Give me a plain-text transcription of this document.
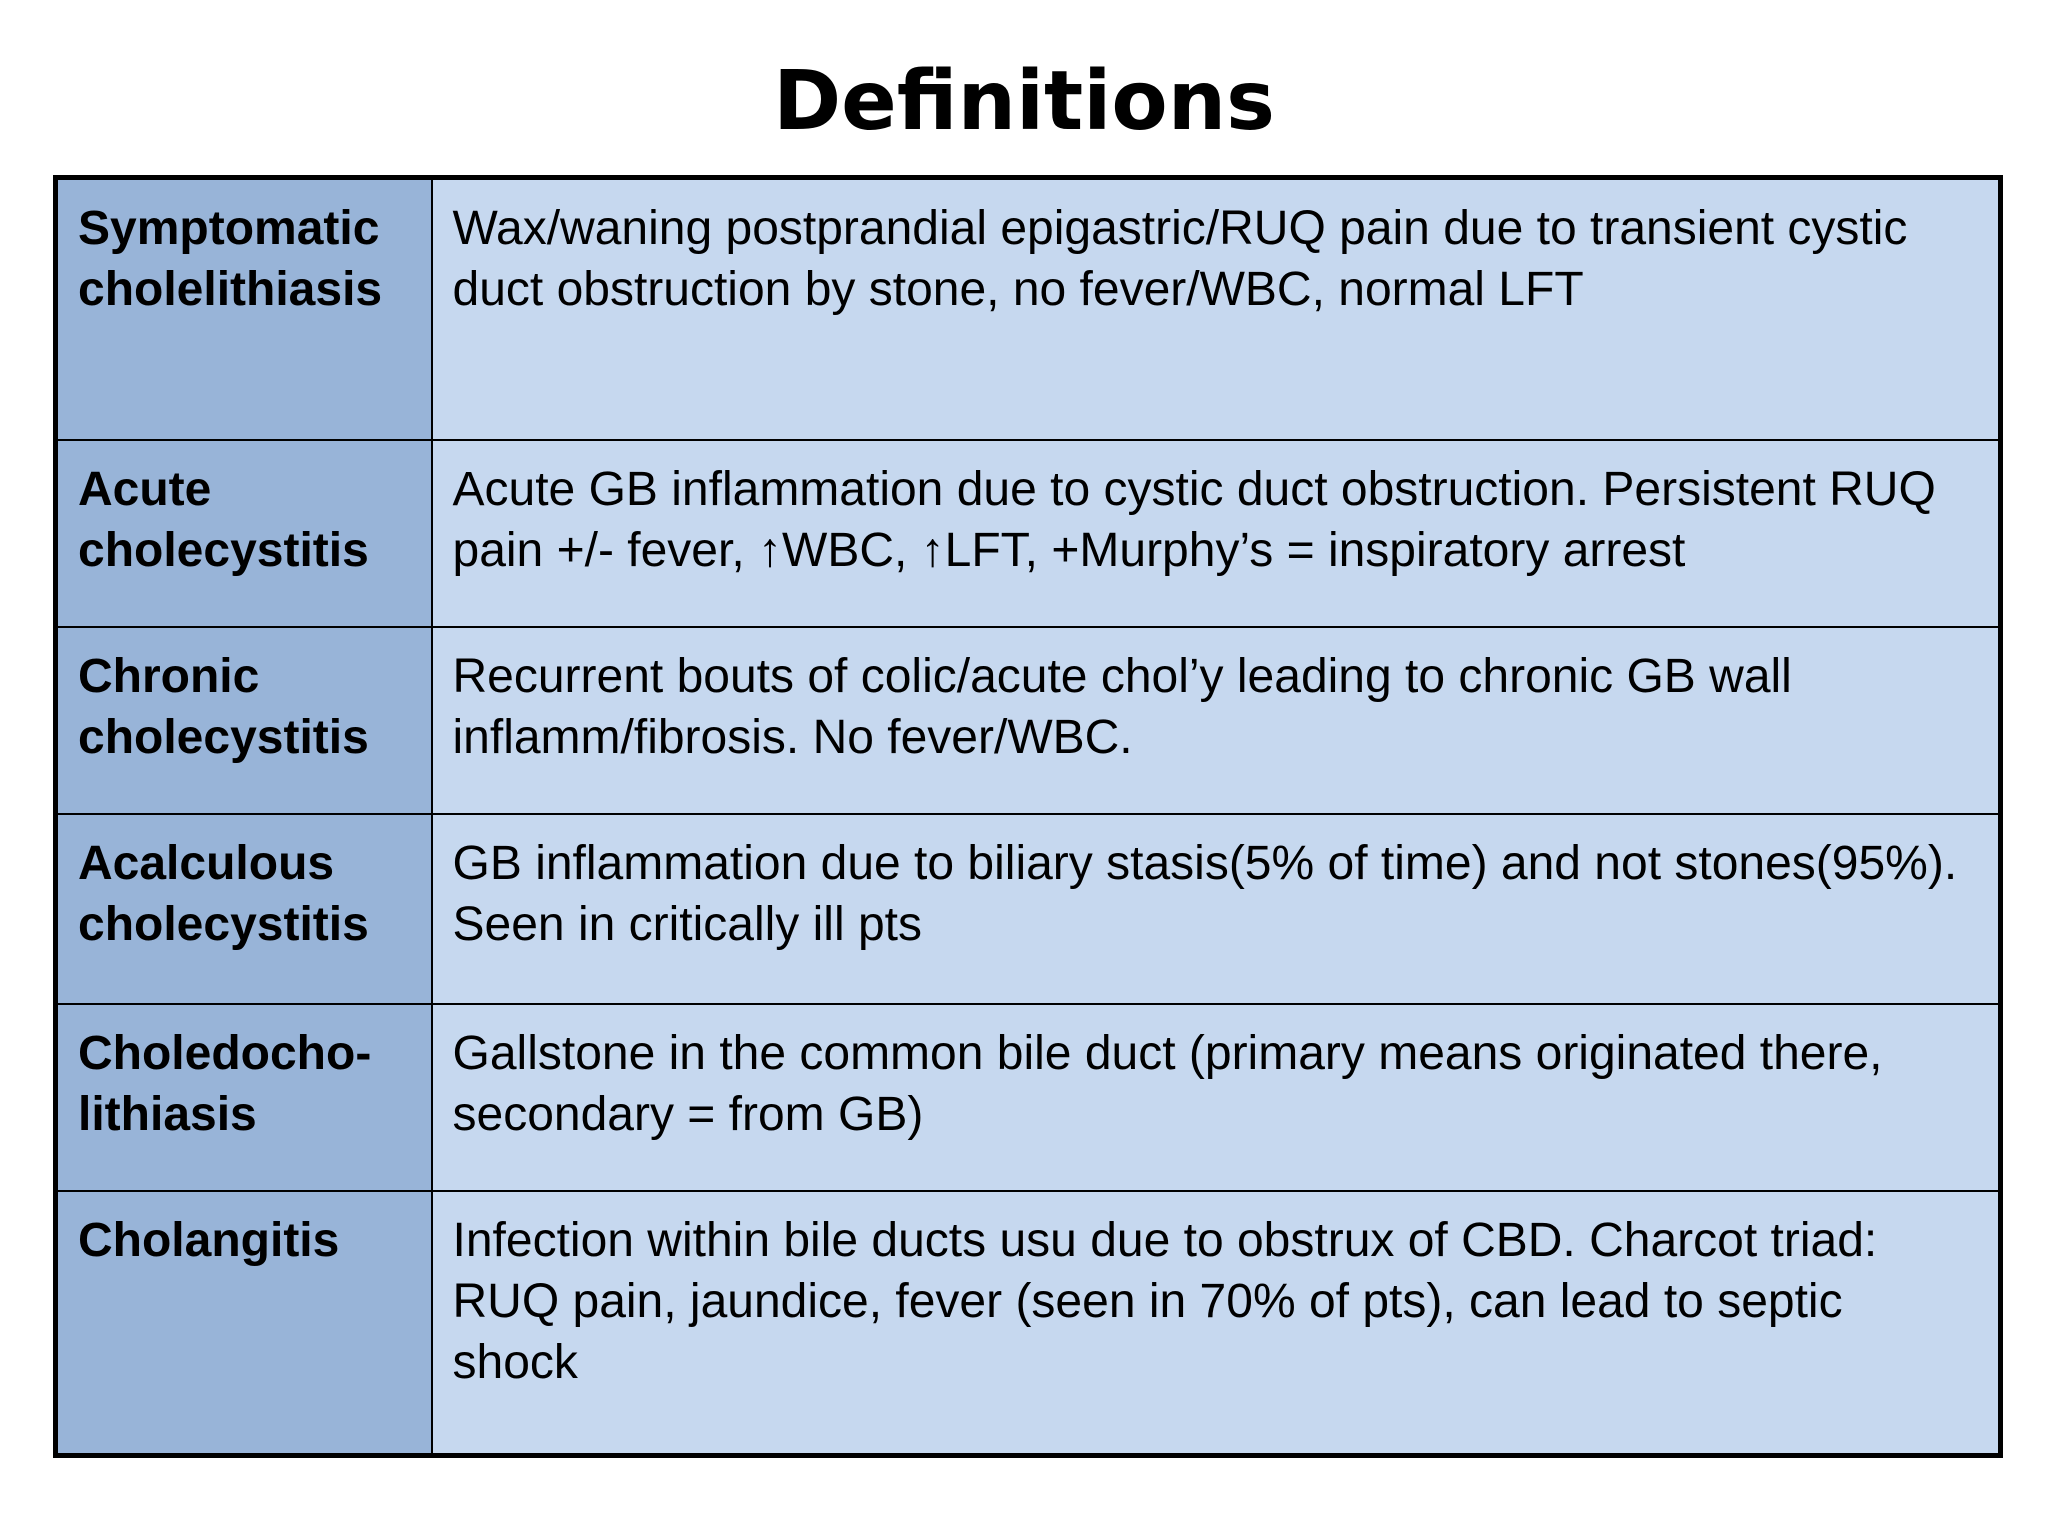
Definitions
Symptomatic
cholelithiasis	Wax/waning postprandial epigastric/RUQ pain due to transient cystic duct obstruction by stone, no fever/WBC, normal LFT
Acute
cholecystitis	Acute GB inflammation due to cystic duct obstruction. Persistent RUQ pain +/- fever, ↑WBC, ↑LFT, +Murphy’s = inspiratory arrest
Chronic
cholecystitis	Recurrent bouts of colic/acute chol’y leading to chronic GB wall inflamm/fibrosis. No fever/WBC.
Acalculous
cholecystitis	GB inflammation due to biliary stasis(5% of time) and not stones(95%). Seen in critically ill pts
Choledocho-
lithiasis	Gallstone in the common bile duct (primary means originated there, secondary = from GB)
Cholangitis	Infection within bile ducts usu due to obstrux of CBD. Charcot triad: RUQ pain, jaundice, fever (seen in 70% of pts), can lead to septic shock
